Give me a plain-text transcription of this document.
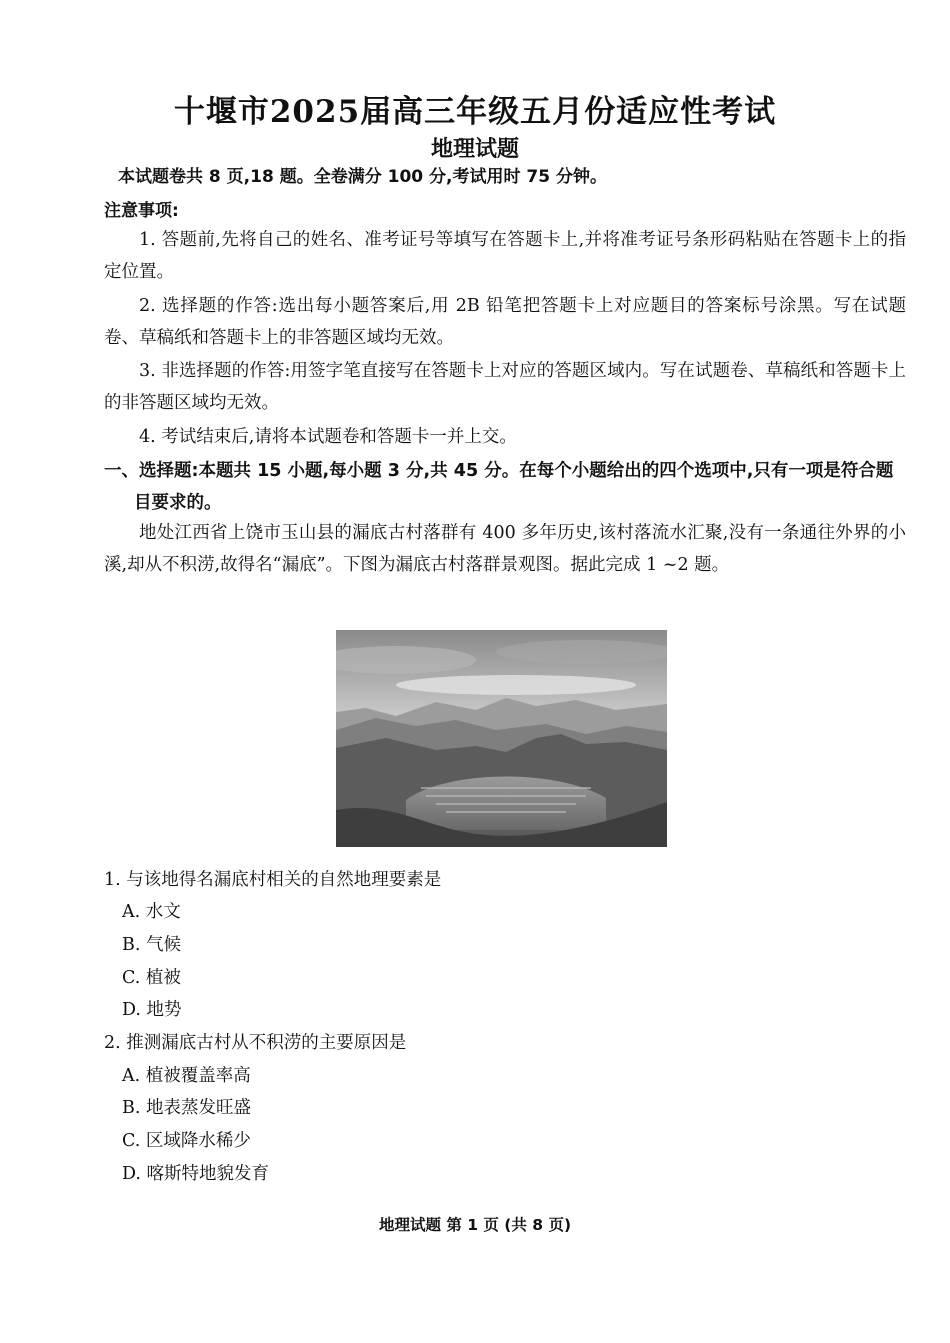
十堰市2025届高三年级五月份适应性考试
地理试题
本试题卷共 8 页,18 题。全卷满分 100 分,考试用时 75 分钟。
注意事项:

1. 答题前,先将自己的姓名、准考证号等填写在答题卡上,并将准考证号条形码粘贴在答题卡上的指定位置。

2. 选择题的作答:选出每小题答案后,用 2B 铅笔把答题卡上对应题目的答案标号涂黑。写在试题卷、草稿纸和答题卡上的非答题区域均无效。

3. 非选择题的作答:用签字笔直接写在答题卡上对应的答题区域内。写在试题卷、草稿纸和答题卡上的非答题区域均无效。

4. 考试结束后,请将本试题卷和答题卡一并上交。

一、选择题:本题共 15 小题,每小题 3 分,共 45 分。在每个小题给出的四个选项中,只有一项是符合题目要求的。

地处江西省上饶市玉山县的漏底古村落群有 400 多年历史,该村落流水汇聚,没有一条通往外界的小溪,却从不积涝,故得名“漏底”。下图为漏底古村落群景观图。据此完成 1 ~2 题。

1. 与该地得名漏底村相关的自然地理要素是
A. 水文
B. 气候
C. 植被
D. 地势
2. 推测漏底古村从不积涝的主要原因是
A. 植被覆盖率高
B. 地表蒸发旺盛
C. 区域降水稀少
D. 喀斯特地貌发育
地理试题 第 1 页 (共 8 页)
